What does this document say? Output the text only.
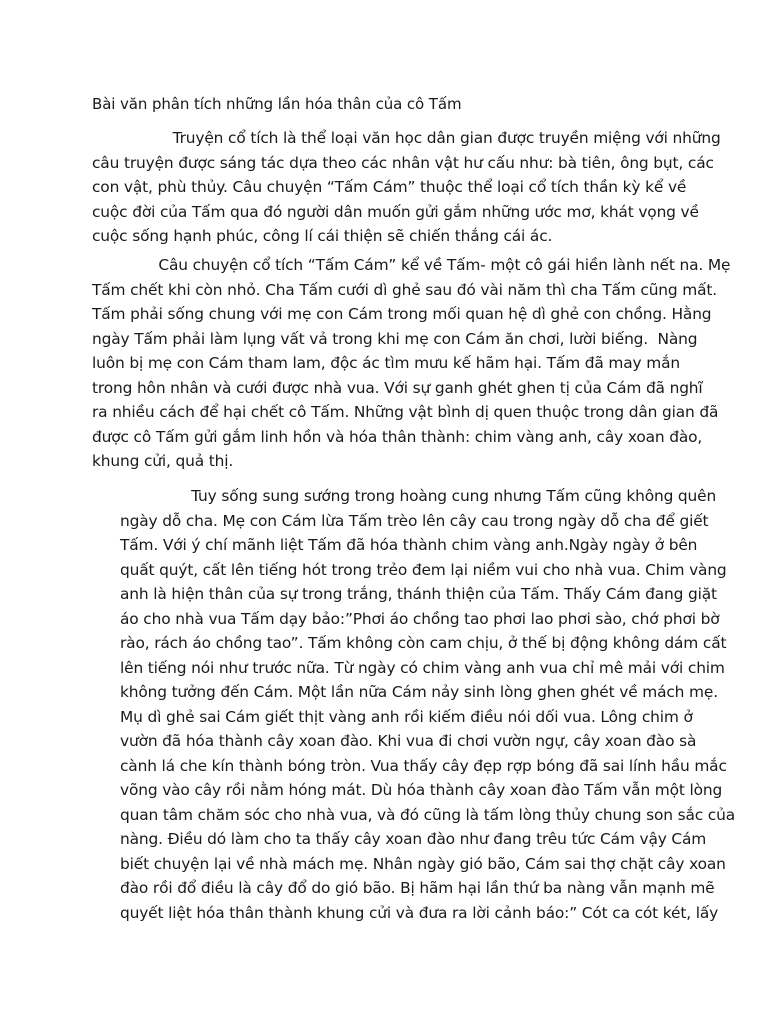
Bài văn phân tích những lần hóa thân của cô Tấm
Truyện cổ tích là thể loại văn học dân gian được truyền miệng với những
câu truyện được sáng tác dựa theo các nhân vật hư cấu như: bà tiên, ông bụt, các
con vật, phù thủy. Câu chuyện “Tấm Cám” thuộc thể loại cổ tích thần kỳ kể về
cuộc đời của Tấm qua đó người dân muốn gửi gắm những ước mơ, khát vọng về
cuộc sống hạnh phúc, công lí cái thiện sẽ chiến thắng cái ác.
Câu chuyện cổ tích “Tấm Cám” kể về Tấm- một cô gái hiền lành nết na. Mẹ
Tấm chết khi còn nhỏ. Cha Tấm cưới dì ghẻ sau đó vài năm thì cha Tấm cũng mất.
Tấm phải sống chung với mẹ con Cám trong mối quan hệ dì ghẻ con chồng. Hằng
ngày Tấm phải làm lụng vất vả trong khi mẹ con Cám ăn chơi, lười biếng.  Nàng
luôn bị mẹ con Cám tham lam, độc ác tìm mưu kế hãm hại. Tấm đã may mắn
trong hôn nhân và cưới được nhà vua. Với sự ganh ghét ghen tị của Cám đã nghĩ
ra nhiều cách để hại chết cô Tấm. Những vật bình dị quen thuộc trong dân gian đã
được cô Tấm gửi gắm linh hồn và hóa thân thành: chim vàng anh, cây xoan đào,
khung cửi, quả thị.
Tuy sống sung sướng trong hoàng cung nhưng Tấm cũng không quên
ngày dỗ cha. Mẹ con Cám lừa Tấm trèo lên cây cau trong ngày dỗ cha để giết
Tấm. Với ý chí mãnh liệt Tấm đã hóa thành chim vàng anh.Ngày ngày ở bên
quất quýt, cất lên tiếng hót trong trẻo đem lại niềm vui cho nhà vua. Chim vàng
anh là hiện thân của sự trong trắng, thánh thiện của Tấm. Thấy Cám đang giặt
áo cho nhà vua Tấm dạy bảo:”Phơi áo chồng tao phơi lao phơi sào, chớ phơi bờ
rào, rách áo chồng tao”. Tấm không còn cam chịu, ở thế bị động không dám cất
lên tiếng nói như trước nữa. Từ ngày có chim vàng anh vua chỉ mê mải với chim
không tưởng đến Cám. Một lần nữa Cám nảy sinh lòng ghen ghét về mách mẹ.
Mụ dì ghẻ sai Cám giết thịt vàng anh rồi kiếm điều nói dối vua. Lông chim ở
vườn đã hóa thành cây xoan đào. Khi vua đi chơi vườn ngự, cây xoan đào sà
cành lá che kín thành bóng tròn. Vua thấy cây đẹp rợp bóng đã sai lính hầu mắc
võng vào cây rồi nằm hóng mát. Dù hóa thành cây xoan đào Tấm vẫn một lòng
quan tâm chăm sóc cho nhà vua, và đó cũng là tấm lòng thủy chung son sắc của
nàng. Điều dó làm cho ta thấy cây xoan đào như đang trêu tức Cám vậy Cám
biết chuyện lại về nhà mách mẹ. Nhân ngày gió bão, Cám sai thợ chặt cây xoan
đào rồi đổ điều là cây đổ do gió bão. Bị hãm hại lần thứ ba nàng vẫn mạnh mẽ
quyết liệt hóa thân thành khung cửi và đưa ra lời cảnh báo:” Cót ca cót két, lấy
